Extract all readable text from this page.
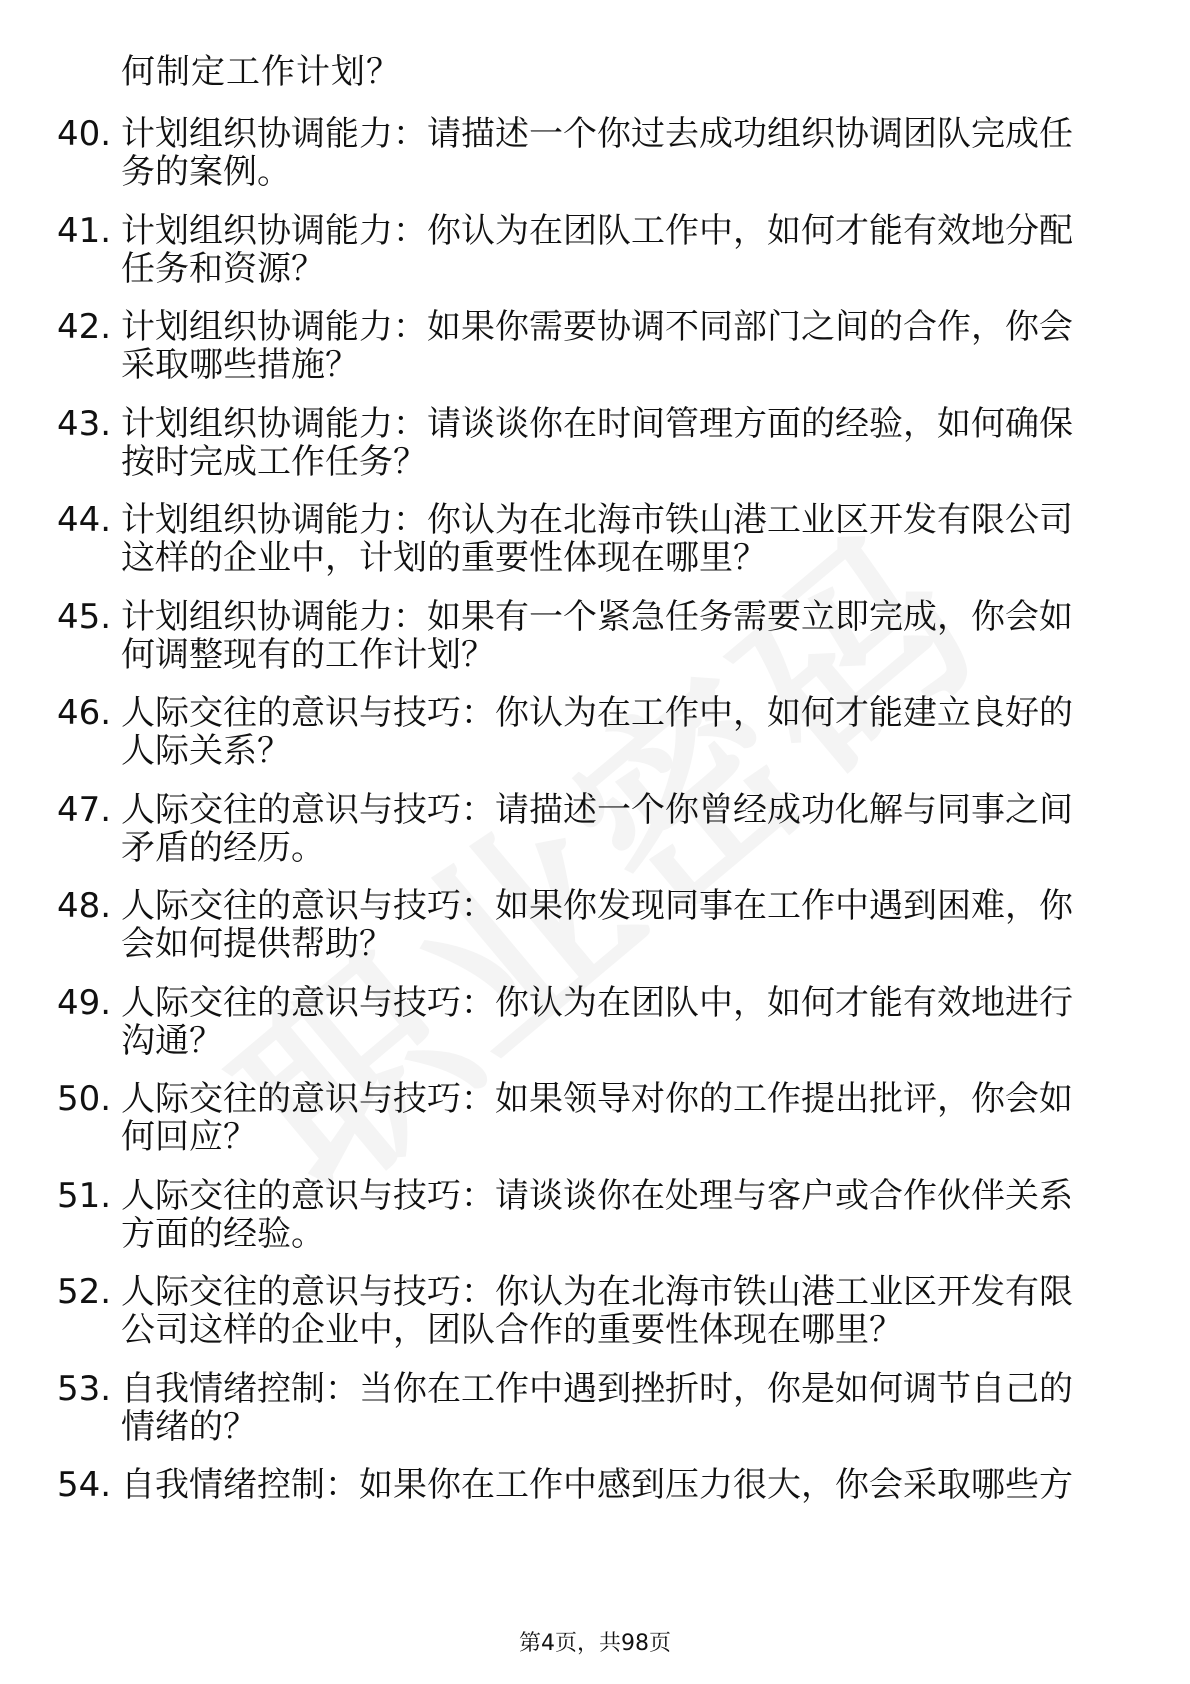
何制定工作计划？
40. 计划组织协调能力：请描述一个你过去成功组织协调团队完成任
务的案例。
41. 计划组织协调能力：你认为在团队工作中，如何才能有效地分配
任务和资源？
42. 计划组织协调能力：如果你需要协调不同部门之间的合作，你会
采取哪些措施？
43. 计划组织协调能力：请谈谈你在时间管理方面的经验，如何确保
按时完成工作任务？
44. 计划组织协调能力：你认为在北海市铁山港工业区开发有限公司
这样的企业中，计划的重要性体现在哪里？
45. 计划组织协调能力：如果有一个紧急任务需要立即完成，你会如
何调整现有的工作计划？
46. 人际交往的意识与技巧：你认为在工作中，如何才能建立良好的
人际关系？
47. 人际交往的意识与技巧：请描述一个你曾经成功化解与同事之间
矛盾的经历。
48. 人际交往的意识与技巧：如果你发现同事在工作中遇到困难，你
会如何提供帮助？
49. 人际交往的意识与技巧：你认为在团队中，如何才能有效地进行
沟通？
50. 人际交往的意识与技巧：如果领导对你的工作提出批评，你会如
何回应？
51. 人际交往的意识与技巧：请谈谈你在处理与客户或合作伙伴关系
方面的经验。
52. 人际交往的意识与技巧：你认为在北海市铁山港工业区开发有限
公司这样的企业中，团队合作的重要性体现在哪里？
53. 自我情绪控制：当你在工作中遇到挫折时，你是如何调节自己的
情绪的？
54. 自我情绪控制：如果你在工作中感到压力很大，你会采取哪些方
第4页，共98页
